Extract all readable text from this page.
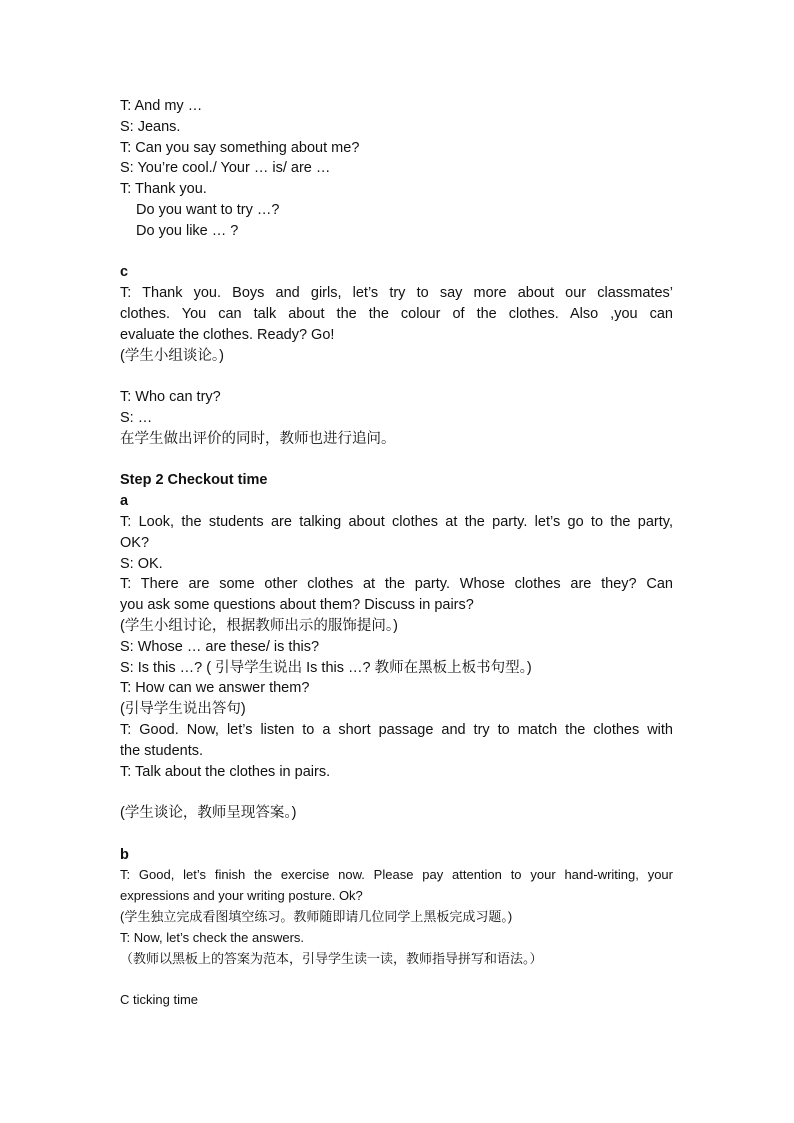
T: And my …
S: Jeans.
T: Can you say something about me?
S: You’re cool./ Your … is/ are …
T: Thank you.
Do you want to try …?
Do you like … ?
c
T: Thank you. Boys and girls, let’s try to say more about our classmates’
clothes. You can talk about the the colour of the clothes. Also ,you can
evaluate the clothes. Ready? Go!
(学生小组谈论。)
T: Who can try?
S: …
在学生做出评价的同时，教师也进行追问。
Step 2 Checkout time
a
T: Look, the students are talking about clothes at the party. let’s go to the party,
OK?
S: OK.
T: There are some other clothes at the party. Whose clothes are they? Can
you ask some questions about them? Discuss in pairs?
(学生小组讨论，根据教师出示的服饰提问。)
S: Whose … are these/ is this?
S: Is this …? ( 引导学生说出 Is this …? 教师在黑板上板书句型。)
T: How can we answer them?
(引导学生说出答句)
T: Good. Now, let’s listen to a short passage and try to match the clothes with
the students.
T: Talk about the clothes in pairs.
(学生谈论，教师呈现答案。)
b
T: Good, let’s finish the exercise now. Please pay attention to your hand-writing, your
expressions and your writing posture. Ok?
(学生独立完成看图填空练习。教师随即请几位同学上黑板完成习题。)
T: Now, let’s check the answers.
（教师以黑板上的答案为范本，引导学生读一读，教师指导拼写和语法。）
C ticking time
